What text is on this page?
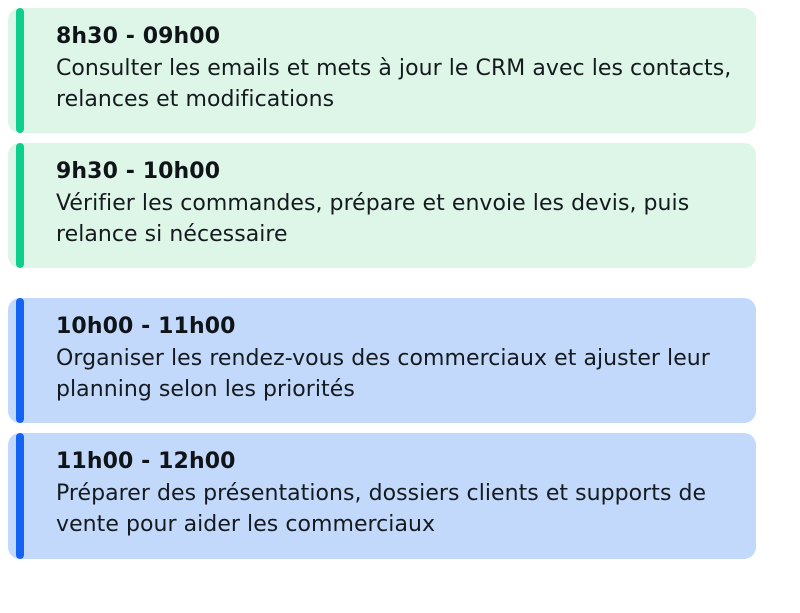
8h30 - 09h00
Consulter les emails et mets à jour le CRM avec les contacts, relances et modifications
9h30 - 10h00
Vérifier les commandes, prépare et envoie les devis, puis relance si nécessaire
10h00 - 11h00
Organiser les rendez-vous des commerciaux et ajuster leur planning selon les priorités
11h00 - 12h00
Préparer des présentations, dossiers clients et supports de vente pour aider les commerciaux
